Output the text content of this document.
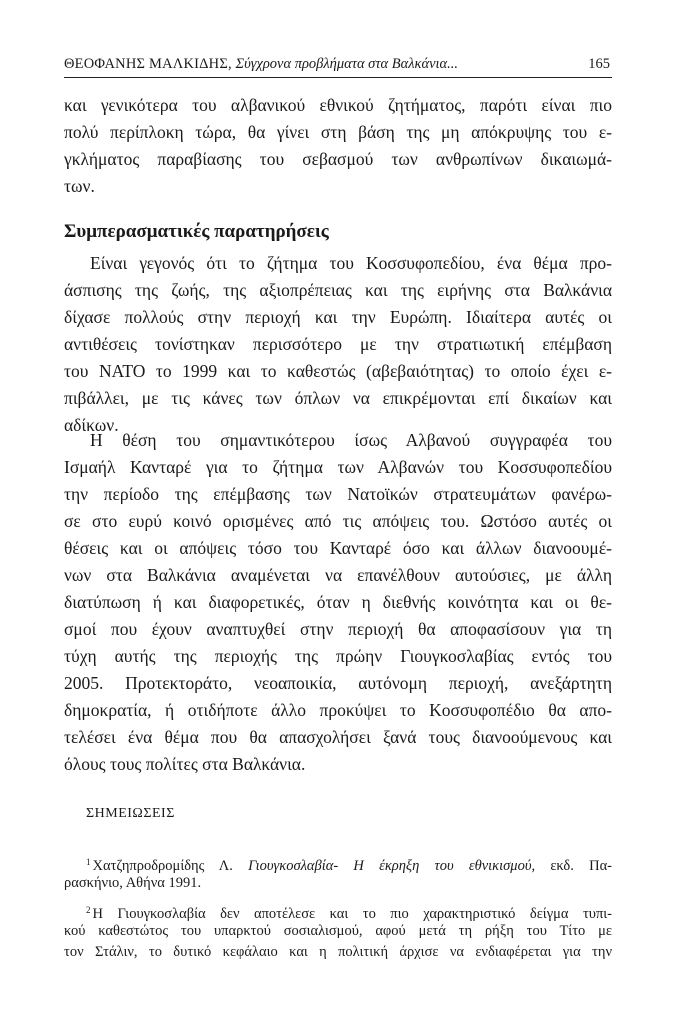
ΘΕΟΦΑΝΗΣ ΜΑΛΚΙΔΗΣ, Σύγχρονα προβλήματα στα Βαλκάνια...	165
και γενικότερα του αλβανικού εθνικού ζητήματος, παρότι είναι πιο
πολύ περίπλοκη τώρα, θα γίνει στη βάση της μη απόκρυψης του ε-
γκλήματος παραβίασης του σεβασμού των ανθρωπίνων δικαιωμά-
των.
Συμπερασματικές παρατηρήσεις
Είναι γεγονός ότι το ζήτημα του Κοσσυφοπεδίου, ένα θέμα προ-
άσπισης της ζωής, της αξιοπρέπειας και της ειρήνης στα Βαλκάνια
δίχασε πολλούς στην περιοχή και την Ευρώπη. Ιδιαίτερα αυτές οι
αντιθέσεις τονίστηκαν περισσότερο με την στρατιωτική επέμβαση
του ΝΑΤΟ το 1999 και το καθεστώς (αβεβαιότητας) το οποίο έχει ε-
πιβάλλει, με τις κάνες των όπλων να επικρέμονται επί δικαίων και
αδίκων.
Η θέση του σημαντικότερου ίσως Αλβανού συγγραφέα του
Ισμαήλ Κανταρέ για το ζήτημα των Αλβανών του Κοσσυφοπεδίου
την περίοδο της επέμβασης των Νατοϊκών στρατευμάτων φανέρω-
σε στο ευρύ κοινό ορισμένες από τις απόψεις του. Ωστόσο αυτές οι
θέσεις και οι απόψεις τόσο του Κανταρέ όσο και άλλων διανοουμέ-
νων στα Βαλκάνια αναμένεται να επανέλθουν αυτούσιες, με άλλη
διατύπωση ή και διαφορετικές, όταν η διεθνής κοινότητα και οι θε-
σμοί που έχουν αναπτυχθεί στην περιοχή θα αποφασίσουν για τη
τύχη αυτής της περιοχής της πρώην Γιουγκοσλαβίας εντός του
2005. Προτεκτοράτο, νεοαποικία, αυτόνομη περιοχή, ανεξάρτητη
δημοκρατία, ή οτιδήποτε άλλο προκύψει το Κοσσυφοπέδιο θα απο-
τελέσει ένα θέμα που θα απασχολήσει ξανά τους διανοούμενους και
όλους τους πολίτες στα Βαλκάνια.
ΣΗΜΕΙΩΣΕΙΣ
$^1$ Χατζηπροδρομίδης Λ. Γιουγκοσλαβία- Η έκρηξη του εθνικισμού, εκδ. Πα-
ρασκήνιο, Αθήνα 1991.
$^2$ Η Γιουγκοσλαβία δεν αποτέλεσε και το πιο χαρακτηριστικό δείγμα τυπι-
κού καθεστώτος του υπαρκτού σοσιαλισμού, αφού μετά τη ρήξη του Τίτο με
τον Στάλιν, το δυτικό κεφάλαιο και η πολιτική άρχισε να ενδιαφέρεται για την
